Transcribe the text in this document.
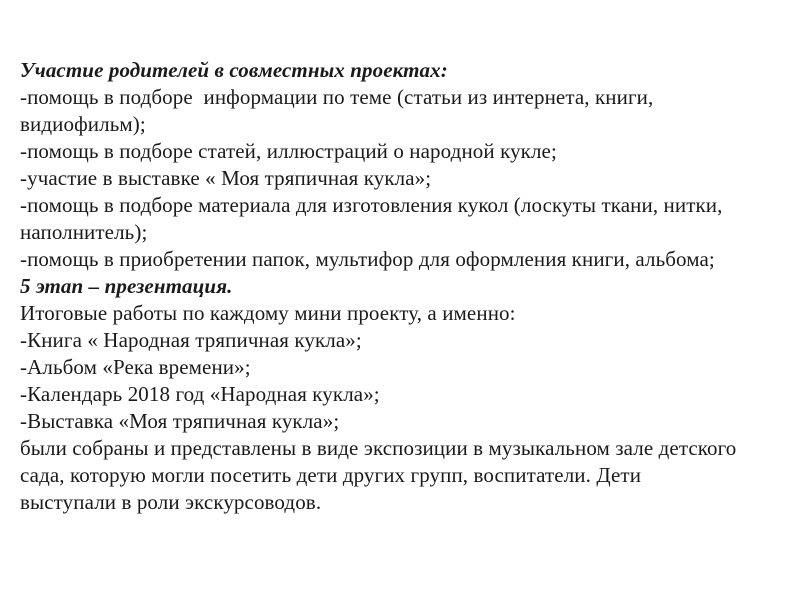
Участие родителей в совместных проектах:
-помощь в подборе  информации по теме (статьи из интернета, книги,
видиофильм);
-помощь в подборе статей, иллюстраций о народной кукле;
-участие в выставке « Моя тряпичная кукла»;
-помощь в подборе материала для изготовления кукол (лоскуты ткани, нитки,
наполнитель);
-помощь в приобретении папок, мультифор для оформления книги, альбома;
5 этап – презентация.
Итоговые работы по каждому мини проекту, а именно:
-Книга « Народная тряпичная кукла»;
-Альбом «Река времени»;
-Календарь 2018 год «Народная кукла»;
-Выставка «Моя тряпичная кукла»;
были собраны и представлены в виде экспозиции в музыкальном зале детского
сада, которую могли посетить дети других групп, воспитатели. Дети
выступали в роли экскурсоводов.
